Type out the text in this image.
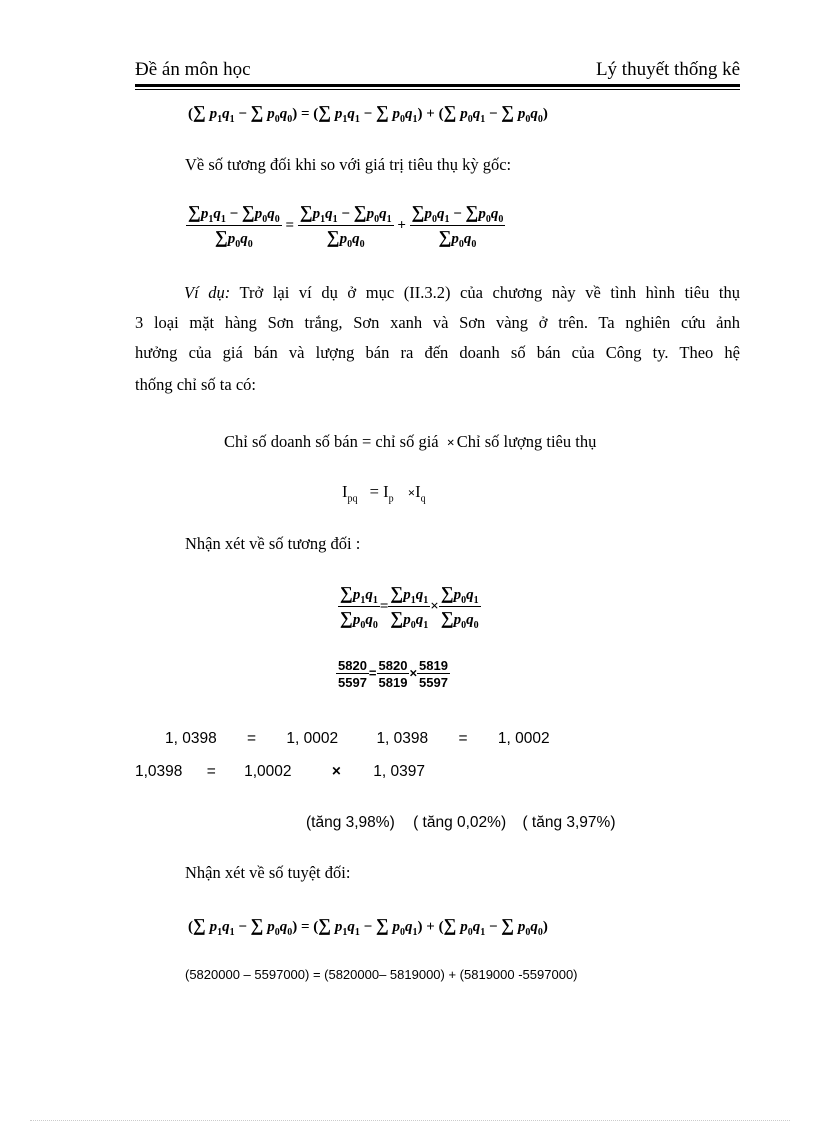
Đề án môn học	Lý thuyết thống kê
(∑ $p_1q_1$ − ∑ $p_0q_0$) = (∑ $p_1q_1$ − ∑ $p_0q_1$) + (∑ $p_0q_1$ − ∑ $p_0q_0$)
Về số tương đối khi so với giá trị tiêu thụ kỳ gốc:
$\frac{\sum p_1q_1 - \sum p_0q_0}{\sum p_0q_0} = \frac{\sum p_1q_1 - \sum p_0q_1}{\sum p_0q_0} + \frac{\sum p_0q_1 - \sum p_0q_0}{\sum p_0q_0}$
Ví dụ: Trở lại ví dụ ở mục (II.3.2) của chương này về tình hình tiêu thụ
3 loại mặt hàng Sơn trắng, Sơn xanh và Sơn vàng ở trên. Ta nghiên cứu ảnh
hưởng của giá bán và lượng bán ra đến doanh số bán của Công ty. Theo hệ
thống chỉ số ta có:
Chỉ số doanh số bán = chỉ số giá × Chỉ số lượng tiêu thụ
$I_{pq} = I_p \times I_q$
Nhận xét về số tương đối :
$\frac{\sum p_1q_1}{\sum p_0q_0} = \frac{\sum p_1q_1}{\sum p_0q_1} \times \frac{\sum p_0q_1}{\sum p_0q_0}$
$\frac{5820}{5597} = \frac{5820}{5819} \times \frac{5819}{5597}$
1, 0398 = 1, 0002 1, 0398 = 1, 0002
1,0398 = 1,0002	× 1, 0397
(tăng 3,98%) ( tăng 0,02%) ( tăng 3,97%)
Nhận xét về số tuyệt đối:
(∑ $p_1q_1$ − ∑ $p_0q_0$) = (∑ $p_1q_1$ − ∑ $p_0q_1$) + (∑ $p_0q_1$ − ∑ $p_0q_0$)
(5820000 – 5597000) = (5820000– 5819000) + (5819000 -5597000)
